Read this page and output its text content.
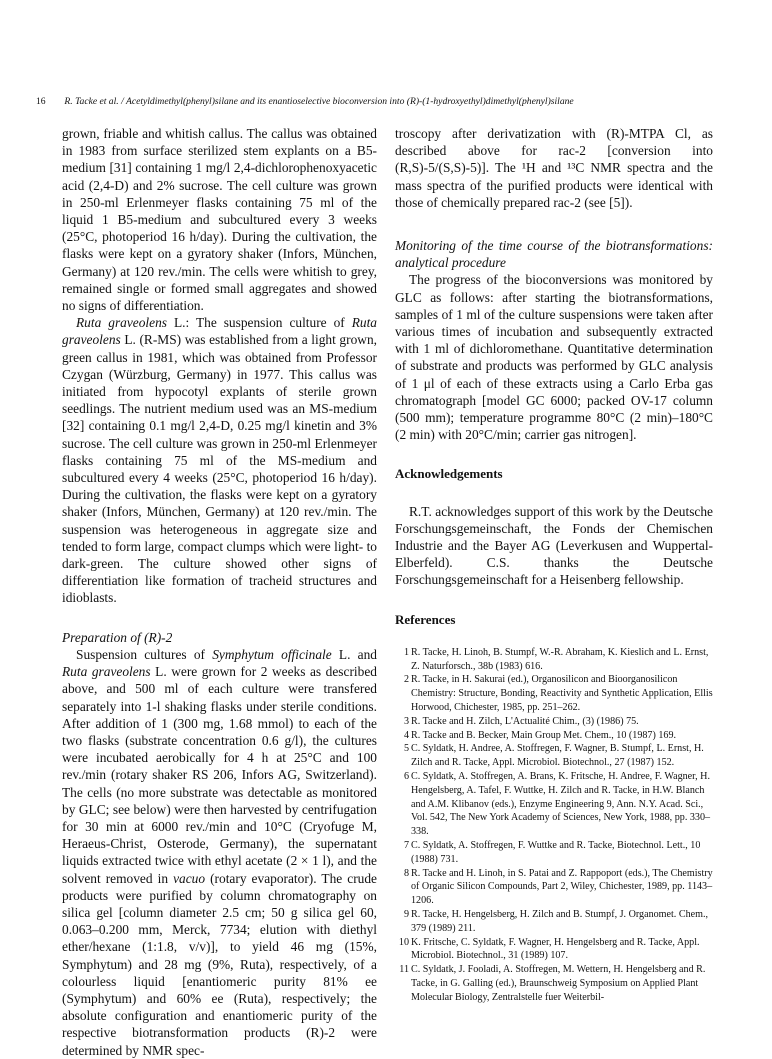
16 R. Tacke et al. / Acetyldimethyl(phenyl)silane and its enantioselective bioconversion into (R)-(1-hydroxyethyl)dimethyl(phenyl)silane

grown, friable and whitish callus. The callus was obtained in 1983 from surface sterilized stem explants on a B5-medium [31] containing 1 mg/l 2,4-dichlorophenoxyacetic acid (2,4-D) and 2% sucrose. The cell culture was grown in 250-ml Erlenmeyer flasks containing 75 ml of the liquid 1 B5-medium and subcultured every 3 weeks (25°C, photoperiod 16 h/day). During the cultivation, the flasks were kept on a gyratory shaker (Infors, München, Germany) at 120 rev./min. The cells were whitish to grey, remained single or formed small aggregates and showed no signs of differentiation.

Ruta graveolens L.: The suspension culture of Ruta graveolens L. (R-MS) was established from a light grown, green callus in 1981, which was obtained from Professor Czygan (Würzburg, Germany) in 1977. This callus was initiated from hypocotyl explants of sterile grown seedlings. The nutrient medium used was an MS-medium [32] containing 0.1 mg/l 2,4-D, 0.25 mg/l kinetin and 3% sucrose. The cell culture was grown in 250-ml Erlenmeyer flasks containing 75 ml of the MS-medium and subcultured every 4 weeks (25°C, photoperiod 16 h/day). During the cultivation, the flasks were kept on a gyratory shaker (Infors, München, Germany) at 120 rev./min. The suspension was heterogeneous in aggregate size and tended to form large, compact clumps which were light- to dark-green. The culture showed other signs of differentiation like formation of tracheid structures and idioblasts.

Preparation of (R)-2

Suspension cultures of Symphytum officinale L. and Ruta graveolens L. were grown for 2 weeks as described above, and 500 ml of each culture were transfered separately into 1-l shaking flasks under sterile conditions. After addition of 1 (300 mg, 1.68 mmol) to each of the two flasks (substrate concentration 0.6 g/l), the cultures were incubated aerobically for 4 h at 25°C and 100 rev./min (rotary shaker RS 206, Infors AG, Switzerland). The cells (no more substrate was detectable as monitored by GLC; see below) were then harvested by centrifugation for 30 min at 6000 rev./min and 10°C (Cryofuge M, Heraeus-Christ, Osterode, Germany), the supernatant liquids extracted twice with ethyl acetate (2 × 1 l), and the solvent removed in vacuo (rotary evaporator). The crude products were purified by column chromatography on silica gel [column diameter 2.5 cm; 50 g silica gel 60, 0.063–0.200 mm, Merck, 7734; elution with diethyl ether/hexane (1:1.8, v/v)], to yield 46 mg (15%, Symphytum) and 28 mg (9%, Ruta), respectively, of a colourless liquid [enantiomeric purity 81% ee (Symphytum) and 60% ee (Ruta), respectively; the absolute configuration and enantiomeric purity of the respective biotransformation products (R)-2 were determined by NMR spec-

troscopy after derivatization with (R)-MTPA Cl, as described above for rac-2 [conversion into (R,S)-5/(S,S)-5)]. The ¹H and ¹³C NMR spectra and the mass spectra of the purified products were identical with those of chemically prepared rac-2 (see [5]).

Monitoring of the time course of the biotransformations: analytical procedure

The progress of the bioconversions was monitored by GLC as follows: after starting the biotransformations, samples of 1 ml of the culture suspensions were taken after various times of incubation and subsequently extracted with 1 ml of dichloromethane. Quantitative determination of substrate and products was performed by GLC analysis of 1 μl of each of these extracts using a Carlo Erba gas chromatograph [model GC 6000; packed OV-17 column (500 mm); temperature programme 80°C (2 min)–180°C (2 min) with 20°C/min; carrier gas nitrogen].

Acknowledgements

R.T. acknowledges support of this work by the Deutsche Forschungsgemeinschaft, the Fonds der Chemischen Industrie and the Bayer AG (Leverkusen and Wuppertal-Elberfeld). C.S. thanks the Deutsche Forschungsgemeinschaft for a Heisenberg fellowship.

References

1 R. Tacke, H. Linoh, B. Stumpf, W.-R. Abraham, K. Kieslich and L. Ernst, Z. Naturforsch., 38b (1983) 616.
2 R. Tacke, in H. Sakurai (ed.), Organosilicon and Bioorganosilicon Chemistry: Structure, Bonding, Reactivity and Synthetic Application, Ellis Horwood, Chichester, 1985, pp. 251–262.
3 R. Tacke and H. Zilch, L'Actualité Chim., (3) (1986) 75.
4 R. Tacke and B. Becker, Main Group Met. Chem., 10 (1987) 169.
5 C. Syldatk, H. Andree, A. Stoffregen, F. Wagner, B. Stumpf, L. Ernst, H. Zilch and R. Tacke, Appl. Microbiol. Biotechnol., 27 (1987) 152.
6 C. Syldatk, A. Stoffregen, A. Brans, K. Fritsche, H. Andree, F. Wagner, H. Hengelsberg, A. Tafel, F. Wuttke, H. Zilch and R. Tacke, in H.W. Blanch and A.M. Klibanov (eds.), Enzyme Engineering 9, Ann. N.Y. Acad. Sci., Vol. 542, The New York Academy of Sciences, New York, 1988, pp. 330–338.
7 C. Syldatk, A. Stoffregen, F. Wuttke and R. Tacke, Biotechnol. Lett., 10 (1988) 731.
8 R. Tacke and H. Linoh, in S. Patai and Z. Rappoport (eds.), The Chemistry of Organic Silicon Compounds, Part 2, Wiley, Chichester, 1989, pp. 1143–1206.
9 R. Tacke, H. Hengelsberg, H. Zilch and B. Stumpf, J. Organomet. Chem., 379 (1989) 211.
10 K. Fritsche, C. Syldatk, F. Wagner, H. Hengelsberg and R. Tacke, Appl. Microbiol. Biotechnol., 31 (1989) 107.
11 C. Syldatk, J. Fooladi, A. Stoffregen, M. Wettern, H. Hengelsberg and R. Tacke, in G. Galling (ed.), Braunschweig Symposium on Applied Plant Molecular Biology, Zentralstelle fuer Weiterbil-
